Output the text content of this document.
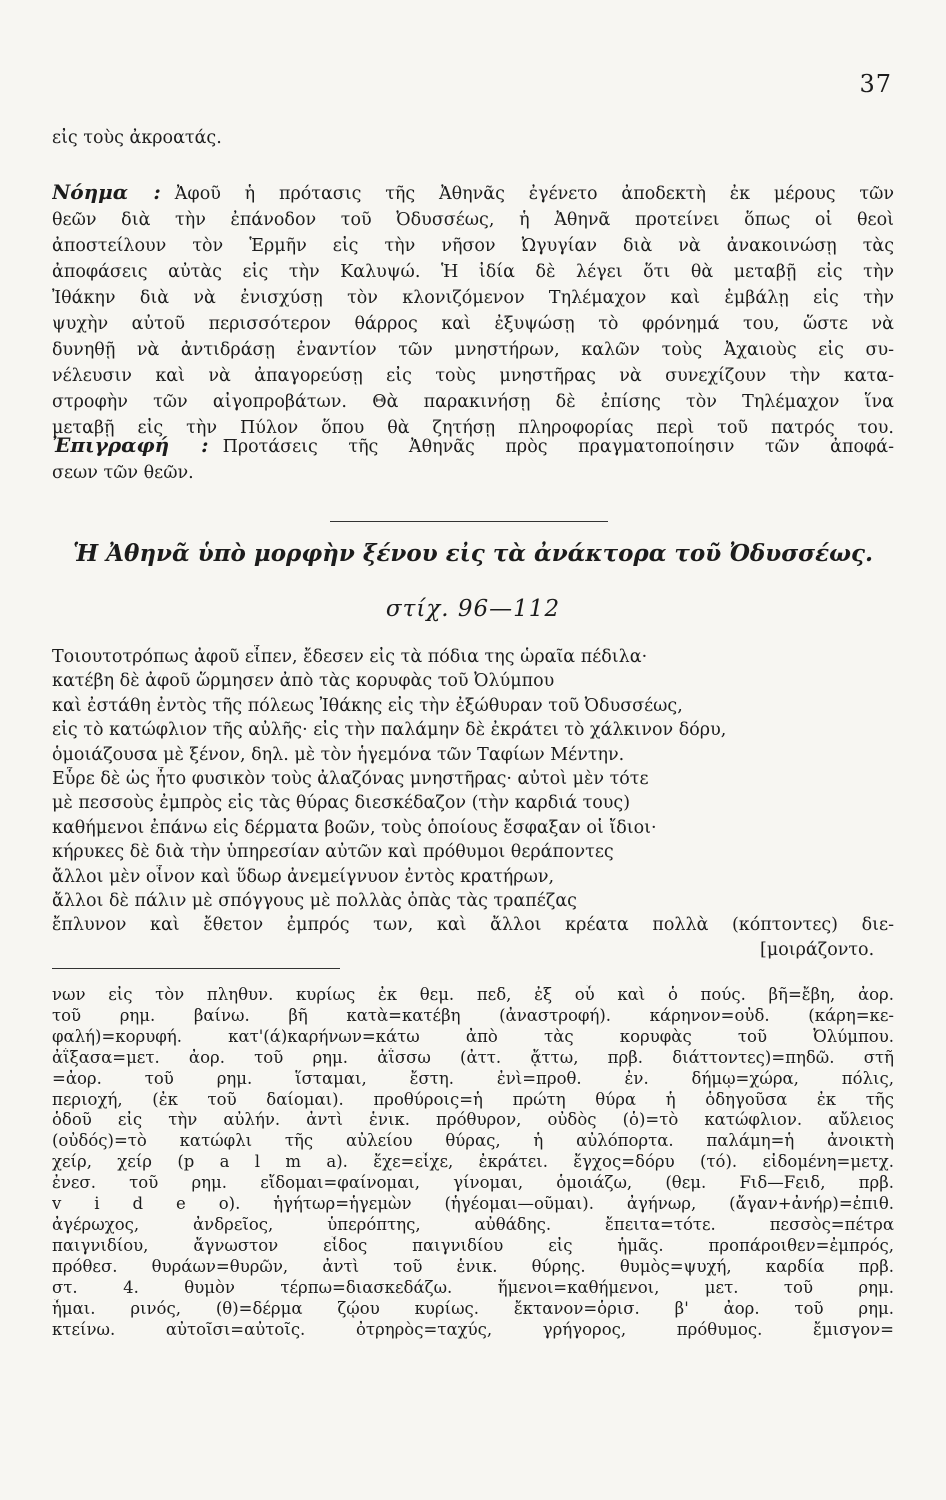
37
εἰς τοὺς ἀκροατάς.
Νόημα : Ἀφοῦ ἡ πρότασις τῆς Ἀθηνᾶς ἐγένετο ἀποδεκτὴ ἐκ μέρους τῶν
θεῶν διὰ τὴν ἐπάνοδον τοῦ Ὀδυσσέως, ἡ Ἀθηνᾶ προτείνει ὅπως οἱ θεοὶ
ἀποστείλουν τὸν Ἑρμῆν εἰς τὴν νῆσον Ὠγυγίαν διὰ νὰ ἀνακοινώσῃ τὰς
ἀποφάσεις αὐτὰς εἰς τὴν Καλυψώ. Ἡ ἰδία δὲ λέγει ὅτι θὰ μεταβῇ εἰς τὴν
Ἰθάκην διὰ νὰ ἐνισχύσῃ τὸν κλονιζόμενον Τηλέμαχον καὶ ἐμβάλῃ εἰς τὴν
ψυχὴν αὐτοῦ περισσότερον θάρρος καὶ ἐξυψώσῃ τὸ φρόνημά του, ὥστε νὰ
δυνηθῇ νὰ ἀντιδράσῃ ἐναντίον τῶν μνηστήρων, καλῶν τοὺς Ἀχαιοὺς εἰς συ-
νέλευσιν καὶ νὰ ἀπαγορεύσῃ εἰς τοὺς μνηστῆρας νὰ συνεχίζουν τὴν κατα-
στροφὴν τῶν αἰγοπροβάτων. Θὰ παρακινήσῃ δὲ ἐπίσης τὸν Τηλέμαχον ἵνα
μεταβῇ εἰς τὴν Πύλον ὅπου θὰ ζητήσῃ πληροφορίας περὶ τοῦ πατρός του.
Ἐπιγραφή : Προτάσεις τῆς Ἀθηνᾶς πρὸς πραγματοποίησιν τῶν ἀποφά-
σεων τῶν θεῶν.
Ἡ Ἀθηνᾶ ὑπὸ μορφὴν ξένου εἰς τὰ ἀνάκτορα τοῦ Ὀδυσσέως.
στίχ. 96—112
Τοιουτοτρόπως ἀφοῦ εἶπεν, ἔδεσεν εἰς τὰ πόδια της ὡραῖα πέδιλα·
κατέβη δὲ ἀφοῦ ὥρμησεν ἀπὸ τὰς κορυφὰς τοῦ Ὀλύμπου
καὶ ἐστάθη ἐντὸς τῆς πόλεως Ἰθάκης εἰς τὴν ἐξώθυραν τοῦ Ὀδυσσέως,
εἰς τὸ κατώφλιον τῆς αὐλῆς· εἰς τὴν παλάμην δὲ ἐκράτει τὸ χάλκινον δόρυ,
ὁμοιάζουσα μὲ ξένον, δηλ. μὲ τὸν ἡγεμόνα τῶν Ταφίων Μέντην.
Εὗρε δὲ ὡς ἦτο φυσικὸν τοὺς ἀλαζόνας μνηστῆρας· αὐτοὶ μὲν τότε
μὲ πεσσοὺς ἐμπρὸς εἰς τὰς θύρας διεσκέδαζον (τὴν καρδιά τους)
καθήμενοι ἐπάνω εἰς δέρματα βοῶν, τοὺς ὁποίους ἔσφαξαν οἱ ἴδιοι·
κήρυκες δὲ διὰ τὴν ὑπηρεσίαν αὐτῶν καὶ πρόθυμοι θεράποντες
ἄλλοι μὲν οἶνον καὶ ὕδωρ ἀνεμείγνυον ἐντὸς κρατήρων,
ἄλλοι δὲ πάλιν μὲ σπόγγους μὲ πολλὰς ὀπὰς τὰς τραπέζας
ἔπλυνον καὶ ἔθετον ἐμπρός των, καὶ ἄλλοι κρέατα πολλὰ (κόπτοντες) διε-
[μοιράζοντο.
νων εἰς τὸν πληθυν. κυρίως ἐκ θεμ. πεδ, ἐξ οὗ καὶ ὁ πούς. βῆ=ἔβη, ἀορ.
τοῦ ρημ. βαίνω. βῆ κατὰ=κατέβη (ἀναστροφή). κάρηνον=οὐδ. (κάρη=κε-
φαλή)=κορυφή. κατ'(ά)καρήνων=κάτω ἀπὸ τὰς κορυφὰς τοῦ Ὀλύμπου.
ἀΐξασα=μετ. ἀορ. τοῦ ρημ. ἀΐσσω (ἀττ. ᾄττω, πρβ. διάττοντες)=πηδῶ. στῆ
=ἀορ. τοῦ ρημ. ἵσταμαι, ἔστη. ἐνὶ=προθ. ἐν. δήμῳ=χώρα, πόλις,
περιοχή, (ἐκ τοῦ δαίομαι). προθύροις=ἡ πρώτη θύρα ἡ ὁδηγοῦσα ἐκ τῆς
ὁδοῦ εἰς τὴν αὐλήν. ἀντὶ ἑνικ. πρόθυρον, οὐδὸς (ὁ)=τὸ κατώφλιον. αὔλειος
(οὐδός)=τὸ κατώφλι τῆς αὐλείου θύρας, ἡ αὐλόπορτα. παλάμη=ἡ ἀνοικτὴ
χείρ, χείρ (p a l m a). ἔχε=εἶχε, ἐκράτει. ἔγχος=δόρυ (τό). εἰδομένη=μετχ.
ἐνεσ. τοῦ ρημ. εἴδομαι=φαίνομαι, γίνομαι, ὁμοιάζω, (θεμ. Fιδ—Fειδ, πρβ.
v i d e o). ἡγήτωρ=ἡγεμὼν (ἡγέομαι—οῦμαι). ἀγήνωρ, (ἄγαν+ἀνήρ)=ἐπιθ.
ἀγέρωχος, ἀνδρεῖος, ὑπερόπτης, αὐθάδης. ἔπειτα=τότε. πεσσὸς=πέτρα
παιγνιδίου, ἄγνωστον εἶδος παιγνιδίου εἰς ἡμᾶς. προπάροιθεν=ἐμπρός,
πρόθεσ. θυράων=θυρῶν, ἀντὶ τοῦ ἑνικ. θύρης. θυμὸς=ψυχή, καρδία πρβ.
στ. 4. θυμὸν τέρπω=διασκεδάζω. ἥμενοι=καθήμενοι, μετ. τοῦ ρημ.
ἧμαι. ρινός, (θ)=δέρμα ζῴου κυρίως. ἔκτανον=ὁρισ. β' ἀορ. τοῦ ρημ.
κτείνω. αὐτοῖσι=αὐτοῖς. ὀτρηρὸς=ταχύς, γρήγορος, πρόθυμος. ἔμισγον=
